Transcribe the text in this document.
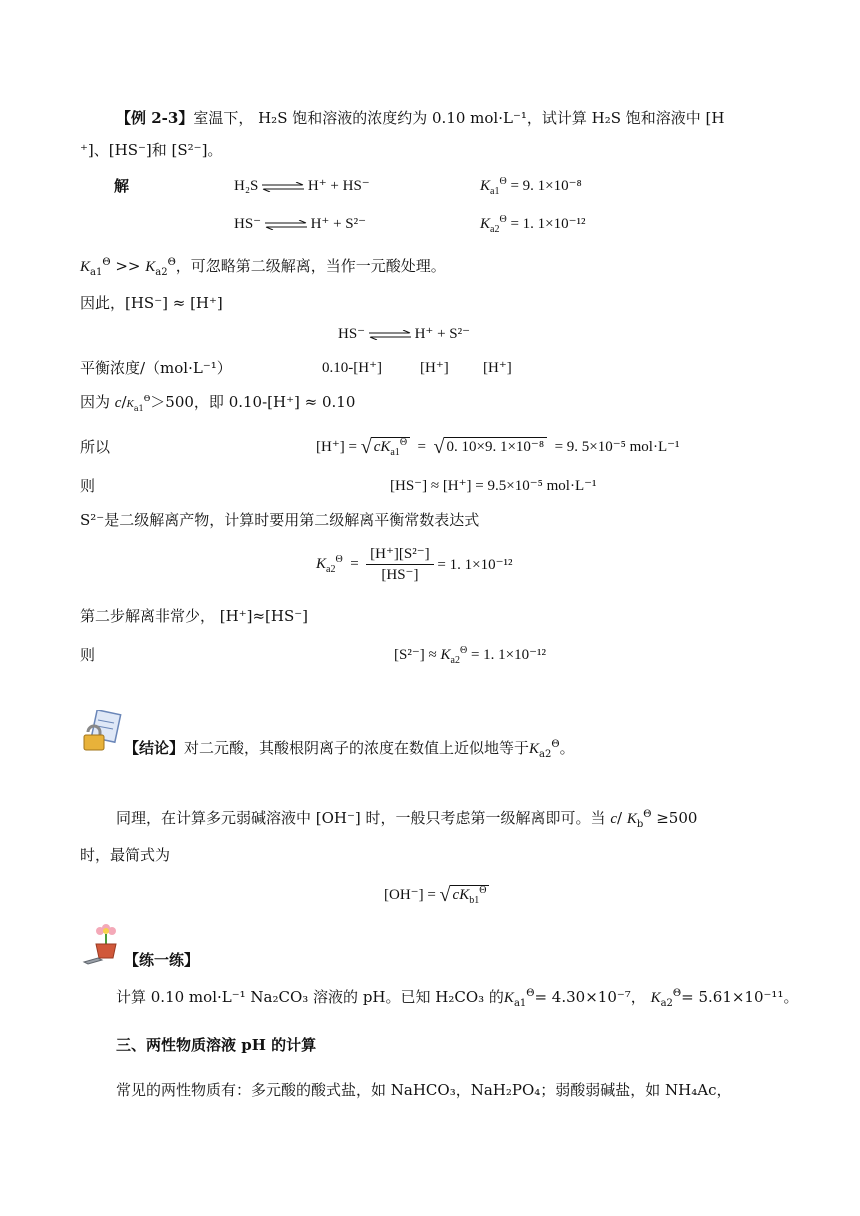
【例 2-3】室温下， H₂S 饱和溶液的浓度约为 0.10 mol·L⁻¹，试计算 H₂S 饱和溶液中 [H
⁺]、[HS⁻]和 [S²⁻]。
解	H₂S ⇌ H⁺ + HS⁻	$K_{a1}^\Theta = 9$. 1×10⁻⁸
HS⁻ ⇌ H⁺ + S²⁻	$K_{a2}^\Theta = 1$. 1×10⁻¹²
$K_{a1}^\Theta >> K_{a2}^\Theta$，可忽略第二级解离，当作一元酸处理。
因此，[HS⁻] ≈ [H⁺]
HS⁻ ⇌ H⁺ + S²⁻
平衡浓度/（mol·L⁻¹）	0.10-[H⁺]	[H⁺] [H⁺]
因为 $c/K_{a1}^\Theta>500$，即 0.10-[H⁺] ≈ 0.10
所以	[H⁺] = √ $cK_{a1}^\Theta$ = √ 0. 10×9. 1×10⁻⁸ = 9. 5×10⁻⁵ mol·L⁻¹
则	[HS⁻] ≈ [H⁺] = 9.5×10⁻⁵ mol·L⁻¹
S²⁻是二级解离产物，计算时要用第二级解离平衡常数表达式
$K_{a2}^\Theta = \frac{\text{[H⁺][S²⁻]}}{[HS^-]} = 1$. 1×10⁻¹²
第二步解离非常少， [H⁺]≈[HS⁻]
则	$[S^{2-}] \approx K_{a2}^\Theta = 1$. 1×10⁻¹²
【结论】对二元酸，其酸根阴离子的浓度在数值上近似地等于$K_{a2}^\Theta$。
同理，在计算多元弱碱溶液中 [OH⁻] 时，一般只考虑第一级解离即可。当 c/ $K_b^\Theta \ge 500$
时，最简式为
[OH⁻] = √ $cK_{b1}^\Theta$
【练一练】
计算 0.10 mol·L⁻¹ Na₂CO₃ 溶液的 pH。已知 H₂CO₃ 的$K_{a1}^\Theta= 4.30\times 10^{-7}$， $K_{a2}^\Theta= 5.61\times 10^{-11}$。
三、两性物质溶液 pH 的计算
常见的两性物质有：多元酸的酸式盐，如 NaHCO₃，NaH₂PO₄；弱酸弱碱盐，如 NH₄Ac，
